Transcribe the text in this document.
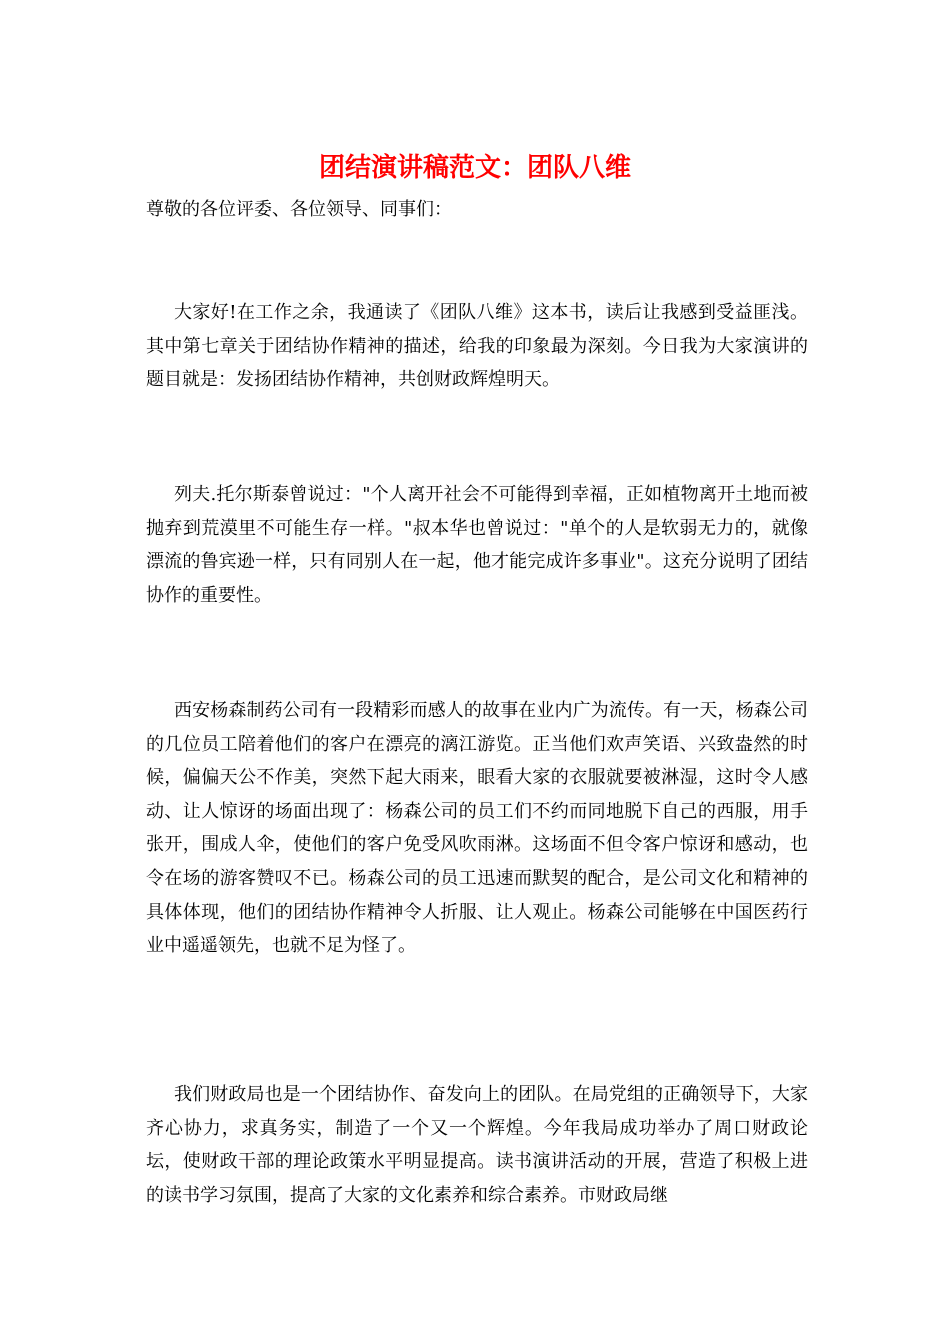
团结演讲稿范文：团队八维
尊敬的各位评委、各位领导、同事们：

大家好!在工作之余，我通读了《团队八维》这本书，读后让我感到受益匪浅。其中第七章关于团结协作精神的描述，给我的印象最为深刻。今日我为大家演讲的题目就是：发扬团结协作精神，共创财政辉煌明天。

列夫.托尔斯泰曾说过："个人离开社会不可能得到幸福，正如植物离开土地而被抛弃到荒漠里不可能生存一样。"叔本华也曾说过："单个的人是软弱无力的，就像漂流的鲁宾逊一样，只有同别人在一起，他才能完成许多事业"。这充分说明了团结协作的重要性。

西安杨森制药公司有一段精彩而感人的故事在业内广为流传。有一天，杨森公司的几位员工陪着他们的客户在漂亮的漓江游览。正当他们欢声笑语、兴致盎然的时候，偏偏天公不作美，突然下起大雨来，眼看大家的衣服就要被淋湿，这时令人感动、让人惊讶的场面出现了：杨森公司的员工们不约而同地脱下自己的西服，用手张开，围成人伞，使他们的客户免受风吹雨淋。这场面不但令客户惊讶和感动，也令在场的游客赞叹不已。杨森公司的员工迅速而默契的配合，是公司文化和精神的具体体现，他们的团结协作精神令人折服、让人观止。杨森公司能够在中国医药行业中遥遥领先，也就不足为怪了。

我们财政局也是一个团结协作、奋发向上的团队。在局党组的正确领导下，大家齐心协力，求真务实，制造了一个又一个辉煌。今年我局成功举办了周口财政论坛，使财政干部的理论政策水平明显提高。读书演讲活动的开展，营造了积极上进的读书学习氛围，提高了大家的文化素养和综合素养。市财政局继
